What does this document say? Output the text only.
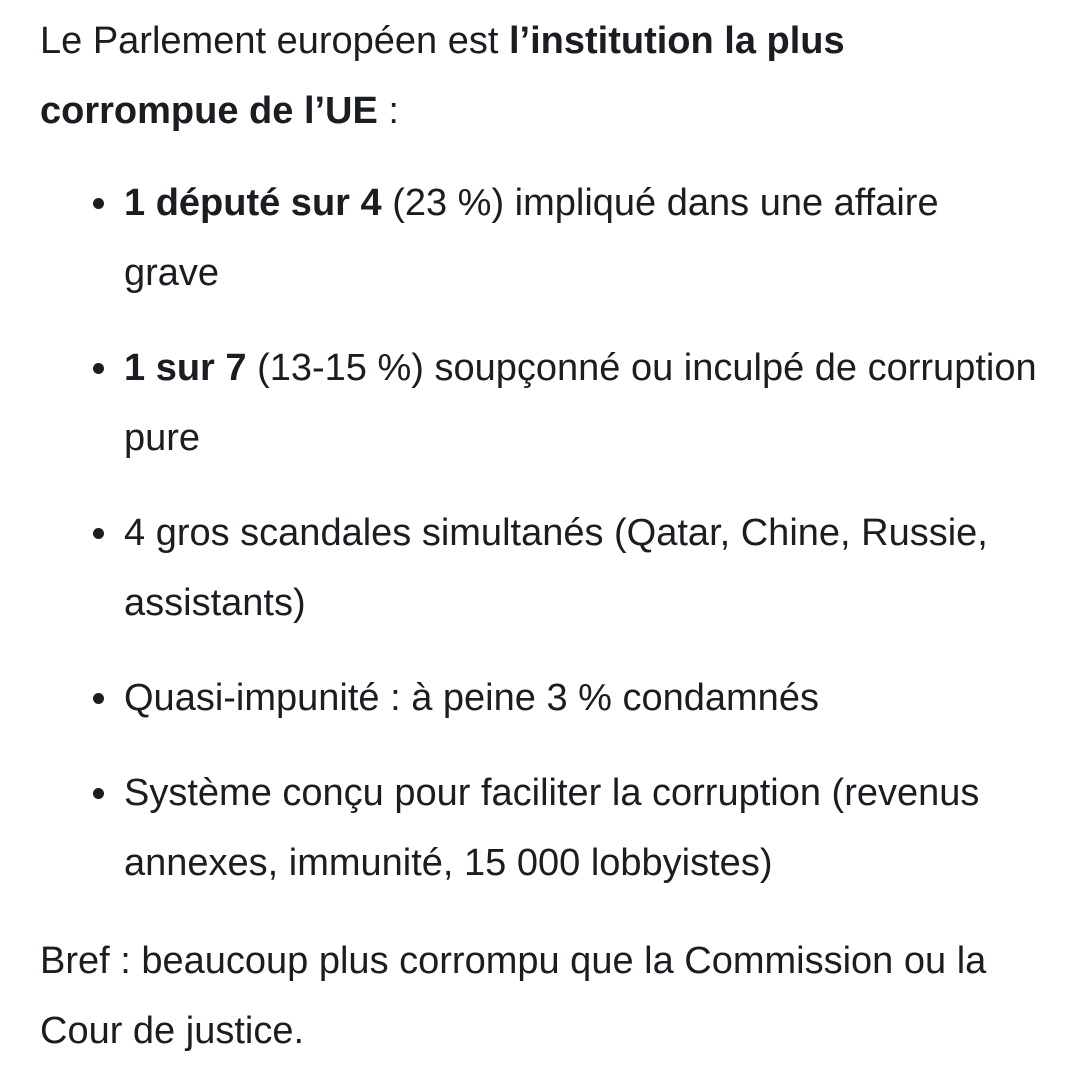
Le Parlement européen est l’institution la plus corrompue de l’UE :

• 1 député sur 4 (23 %) impliqué dans une affaire grave
• 1 sur 7 (13-15 %) soupçonné ou inculpé de corruption pure
• 4 gros scandales simultanés (Qatar, Chine, Russie, assistants)
• Quasi-impunité : à peine 3 % condamnés
• Système conçu pour faciliter la corruption (revenus annexes, immunité, 15 000 lobbyistes)

Bref : beaucoup plus corrompu que la Commission ou la Cour de justice.
